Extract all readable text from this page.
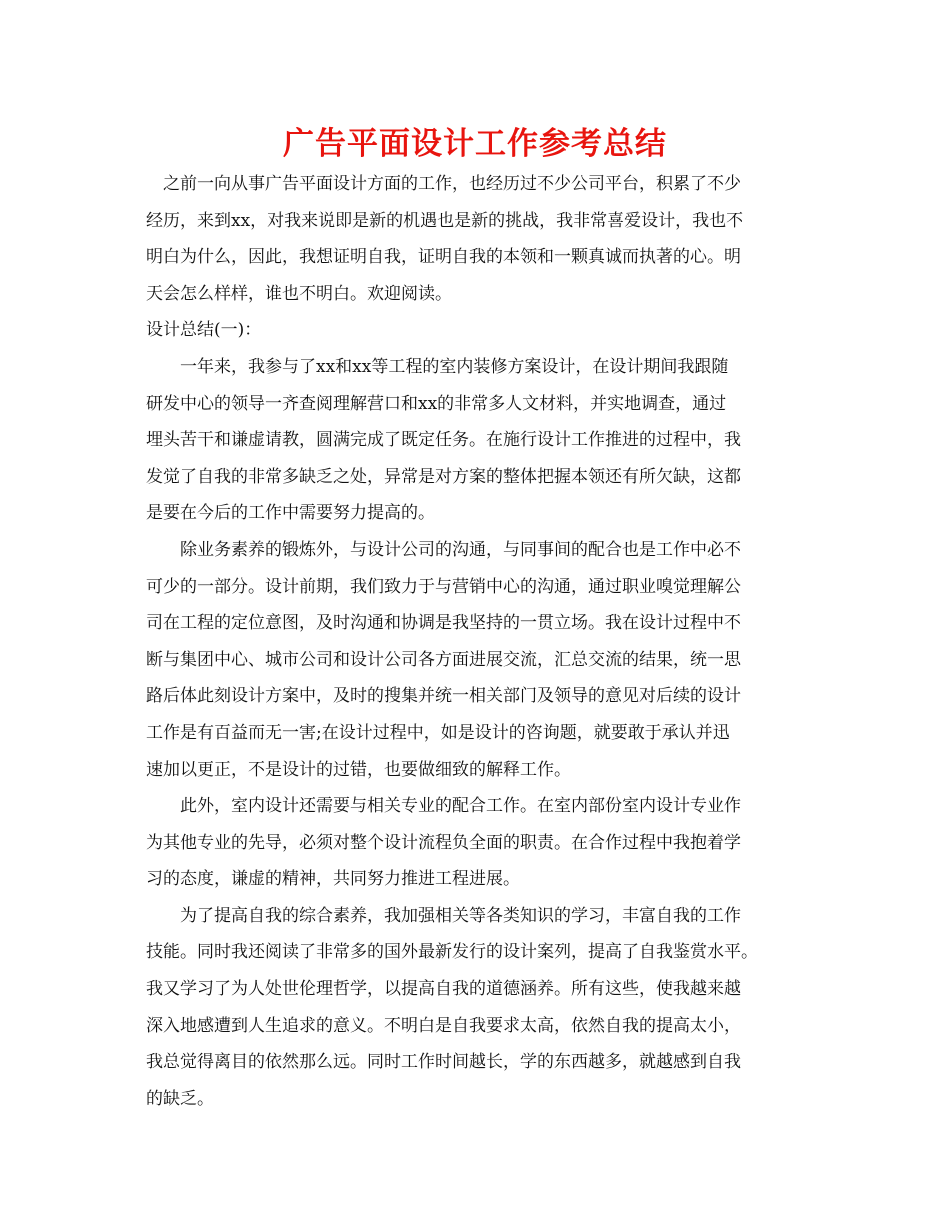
广告平面设计工作参考总结
　之前一向从事广告平面设计方面的工作，也经历过不少公司平台，积累了不少
经历，来到xx，对我来说即是新的机遇也是新的挑战，我非常喜爱设计，我也不
明白为什么，因此，我想证明自我，证明自我的本领和一颗真诚而执著的心。明
天会怎么样样，谁也不明白。欢迎阅读。
设计总结(一)：
　　一年来，我参与了xx和xx等工程的室内装修方案设计，在设计期间我跟随
研发中心的领导一齐查阅理解营口和xx的非常多人文材料，并实地调查，通过
埋头苦干和谦虚请教，圆满完成了既定任务。在施行设计工作推进的过程中，我
发觉了自我的非常多缺乏之处，异常是对方案的整体把握本领还有所欠缺，这都
是要在今后的工作中需要努力提高的。
　　除业务素养的锻炼外，与设计公司的沟通，与同事间的配合也是工作中必不
可少的一部分。设计前期，我们致力于与营销中心的沟通，通过职业嗅觉理解公
司在工程的定位意图，及时沟通和协调是我坚持的一贯立场。我在设计过程中不
断与集团中心、城市公司和设计公司各方面进展交流，汇总交流的结果，统一思
路后体此刻设计方案中，及时的搜集并统一相关部门及领导的意见对后续的设计
工作是有百益而无一害;在设计过程中，如是设计的咨询题，就要敢于承认并迅
速加以更正，不是设计的过错，也要做细致的解释工作。
　　此外，室内设计还需要与相关专业的配合工作。在室内部份室内设计专业作
为其他专业的先导，必须对整个设计流程负全面的职责。在合作过程中我抱着学
习的态度，谦虚的精神，共同努力推进工程进展。
　　为了提高自我的综合素养，我加强相关等各类知识的学习，丰富自我的工作
技能。同时我还阅读了非常多的国外最新发行的设计案列，提高了自我鉴赏水平。
我又学习了为人处世伦理哲学，以提高自我的道德涵养。所有这些，使我越来越
深入地感遭到人生追求的意义。不明白是自我要求太高，依然自我的提高太小，
我总觉得离目的依然那么远。同时工作时间越长，学的东西越多，就越感到自我
的缺乏。
